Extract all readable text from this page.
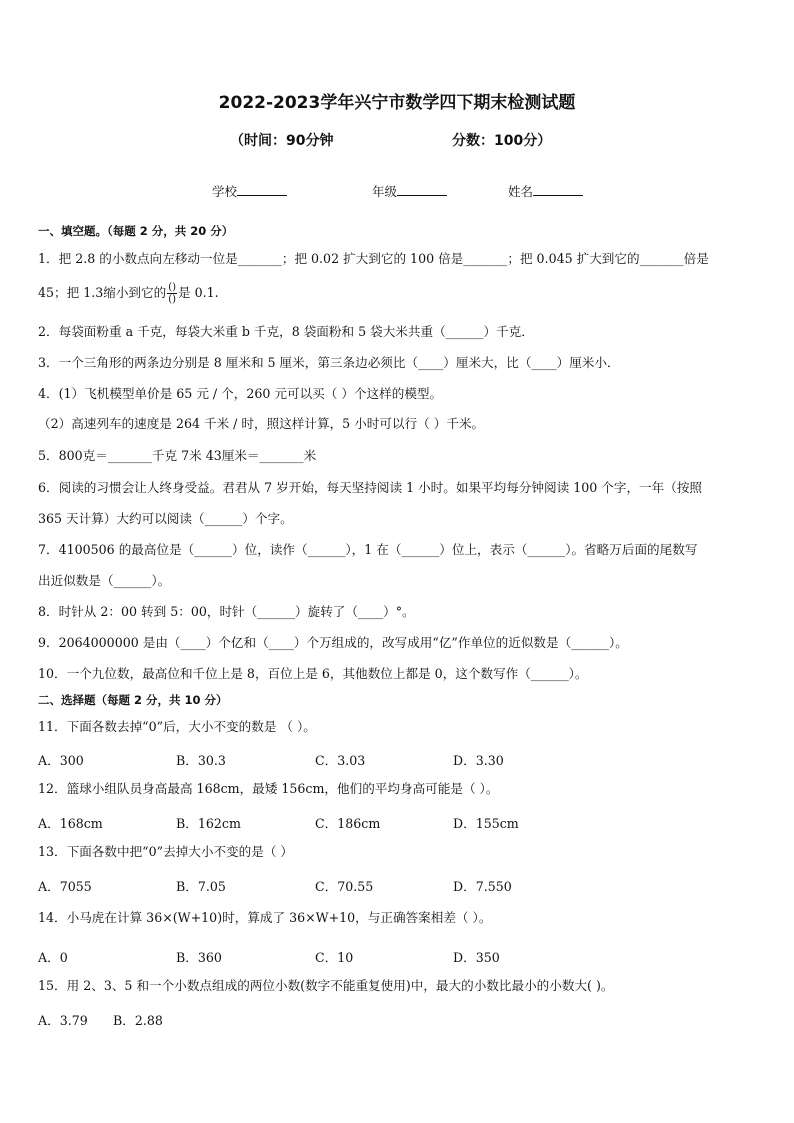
2022-2023学年兴宁市数学四下期末检测试题
（时间：90分钟	分数：100分）
学校	年级	姓名
一、填空题。（每题 2 分，共 20 分）
1．把 2.8 的小数点向左移动一位是_______；把 0.02 扩大到它的 100 倍是_______；把 0.045 扩大到它的_______倍是
45；把 1.3缩小到它的 $\frac{()}{()}$ 是 0.1.
2．每袋面粉重 a 千克，每袋大米重 b 千克，8 袋面粉和 5 袋大米共重（______）千克．
3．一个三角形的两条边分别是 8 厘米和 5 厘米，第三条边必须比（____）厘米大，比（____）厘米小．
4．(1）飞机模型单价是 65 元 / 个，260 元可以买（ ）个这样的模型。
（2）高速列车的速度是 264 千米 / 时，照这样计算，5 小时可以行（ ）千米。
5．800克＝_______千克 7米 43厘米＝_______米
6．阅读的习惯会让人终身受益。君君从 7 岁开始，每天坚持阅读 1 小时。如果平均每分钟阅读 100 个字，一年（按照
365 天计算）大约可以阅读（______）个字。
7．4100506 的最高位是（______）位，读作（______），1 在（______）位上，表示（______）。省略万后面的尾数写
出近似数是（______）。
8．时针从 2：00 转到 5：00，时针（______）旋转了（____）°。
9．2064000000 是由（____）个亿和（____）个万组成的，改写成用“亿”作单位的近似数是（______）。
10．一个九位数，最高位和千位上是 8，百位上是 6，其他数位上都是 0，这个数写作（______）。
二、选择题（每题 2 分，共 10 分）
11．下面各数去掉“0”后，大小不变的数是 （ ）。
A．300	B．30.3	C．3.03	D．3.30
12．篮球小组队员身高最高 168cm，最矮 156cm，他们的平均身高可能是（ ）。
A．168cm	B．162cm	C．186cm	D．155cm
13．下面各数中把“0”去掉大小不变的是（ ）
A．7055	B．7.05	C．70.55	D．7.550
14．小马虎在计算 36×(W+10)时，算成了 36×W+10，与正确答案相差（ ）。
A．0	B．360	C．10	D．350
15．用 2、3、5 和一个小数点组成的两位小数(数字不能重复使用)中，最大的小数比最小的小数大( )。
A．3.79 B．2.88
